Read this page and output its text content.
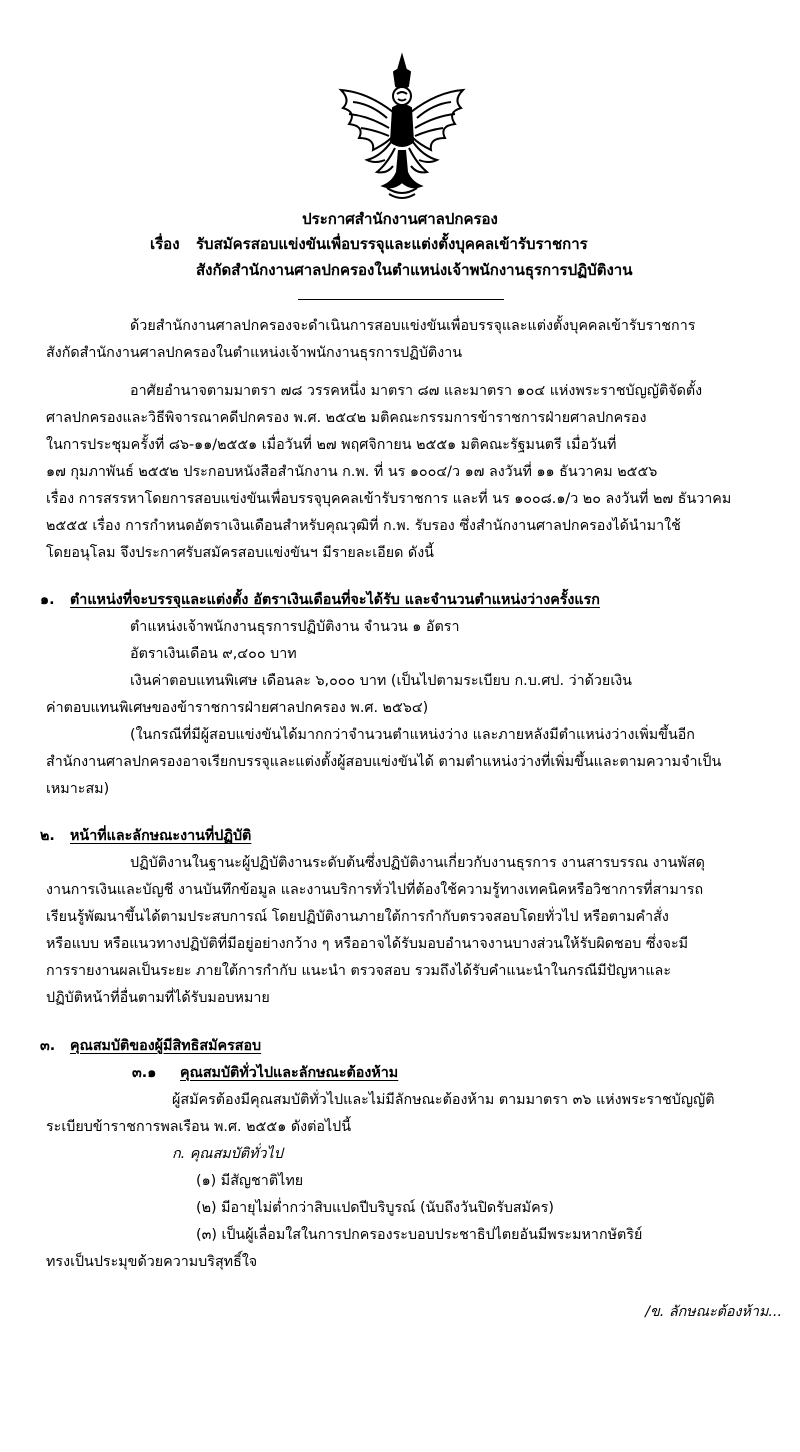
ประกาศสำนักงานศาลปกครอง
เรื่อง รับสมัครสอบแข่งขันเพื่อบรรจุและแต่งตั้งบุคคลเข้ารับราชการ
สังกัดสำนักงานศาลปกครองในตำแหน่งเจ้าพนักงานธุรการปฏิบัติงาน
ด้วยสำนักงานศาลปกครองจะดำเนินการสอบแข่งขันเพื่อบรรจุและแต่งตั้งบุคคลเข้ารับราชการ
สังกัดสำนักงานศาลปกครองในตำแหน่งเจ้าพนักงานธุรการปฏิบัติงาน
อาศัยอำนาจตามมาตรา ๗๘ วรรคหนึ่ง มาตรา ๘๗ และมาตรา ๑๐๔ แห่งพระราชบัญญัติจัดตั้ง
ศาลปกครองและวิธีพิจารณาคดีปกครอง พ.ศ. ๒๕๔๒ มติคณะกรรมการข้าราชการฝ่ายศาลปกครอง
ในการประชุมครั้งที่ ๘๖-๑๑/๒๕๕๑ เมื่อวันที่ ๒๗ พฤศจิกายน ๒๕๕๑ มติคณะรัฐมนตรี เมื่อวันที่
๑๗ กุมภาพันธ์ ๒๕๕๒ ประกอบหนังสือสำนักงาน ก.พ. ที่ นร ๑๐๐๔/ว ๑๗ ลงวันที่ ๑๑ ธันวาคม ๒๕๕๖
เรื่อง การสรรหาโดยการสอบแข่งขันเพื่อบรรจุบุคคลเข้ารับราชการ และที่ นร ๑๐๐๘.๑/ว ๒๐ ลงวันที่ ๒๗ ธันวาคม
๒๕๕๕ เรื่อง การกำหนดอัตราเงินเดือนสำหรับคุณวุฒิที่ ก.พ. รับรอง ซึ่งสำนักงานศาลปกครองได้นำมาใช้
โดยอนุโลม จึงประกาศรับสมัครสอบแข่งขันฯ มีรายละเอียด ดังนี้
๑. ตำแหน่งที่จะบรรจุและแต่งตั้ง อัตราเงินเดือนที่จะได้รับ และจำนวนตำแหน่งว่างครั้งแรก
ตำแหน่งเจ้าพนักงานธุรการปฏิบัติงาน จำนวน ๑ อัตรา
อัตราเงินเดือน ๙,๔๐๐ บาท
เงินค่าตอบแทนพิเศษ เดือนละ ๖,๐๐๐ บาท (เป็นไปตามระเบียบ ก.บ.ศป. ว่าด้วยเงิน
ค่าตอบแทนพิเศษของข้าราชการฝ่ายศาลปกครอง พ.ศ. ๒๕๖๔)
(ในกรณีที่มีผู้สอบแข่งขันได้มากกว่าจำนวนตำแหน่งว่าง และภายหลังมีตำแหน่งว่างเพิ่มขึ้นอีก
สำนักงานศาลปกครองอาจเรียกบรรจุและแต่งตั้งผู้สอบแข่งขันได้ ตามตำแหน่งว่างที่เพิ่มขึ้นและตามความจำเป็น
เหมาะสม)
๒. หน้าที่และลักษณะงานที่ปฏิบัติ
ปฏิบัติงานในฐานะผู้ปฏิบัติงานระดับต้นซึ่งปฏิบัติงานเกี่ยวกับงานธุรการ งานสารบรรณ งานพัสดุ
งานการเงินและบัญชี งานบันทึกข้อมูล และงานบริการทั่วไปที่ต้องใช้ความรู้ทางเทคนิคหรือวิชาการที่สามารถ
เรียนรู้พัฒนาขึ้นได้ตามประสบการณ์ โดยปฏิบัติงานภายใต้การกำกับตรวจสอบโดยทั่วไป หรือตามคำสั่ง
หรือแบบ หรือแนวทางปฏิบัติที่มีอยู่อย่างกว้าง ๆ หรืออาจได้รับมอบอำนาจงานบางส่วนให้รับผิดชอบ ซึ่งจะมี
การรายงานผลเป็นระยะ ภายใต้การกำกับ แนะนำ ตรวจสอบ รวมถึงได้รับคำแนะนำในกรณีมีปัญหาและ
ปฏิบัติหน้าที่อื่นตามที่ได้รับมอบหมาย
๓. คุณสมบัติของผู้มีสิทธิสมัครสอบ
๓.๑ คุณสมบัติทั่วไปและลักษณะต้องห้าม
ผู้สมัครต้องมีคุณสมบัติทั่วไปและไม่มีลักษณะต้องห้าม ตามมาตรา ๓๖ แห่งพระราชบัญญัติ
ระเบียบข้าราชการพลเรือน พ.ศ. ๒๕๕๑ ดังต่อไปนี้
ก. คุณสมบัติทั่วไป
(๑) มีสัญชาติไทย
(๒) มีอายุไม่ต่ำกว่าสิบแปดปีบริบูรณ์ (นับถึงวันปิดรับสมัคร)
(๓) เป็นผู้เลื่อมใสในการปกครองระบอบประชาธิปไตยอันมีพระมหากษัตริย์
ทรงเป็นประมุขด้วยความบริสุทธิ์ใจ
/ข. ลักษณะต้องห้าม...
